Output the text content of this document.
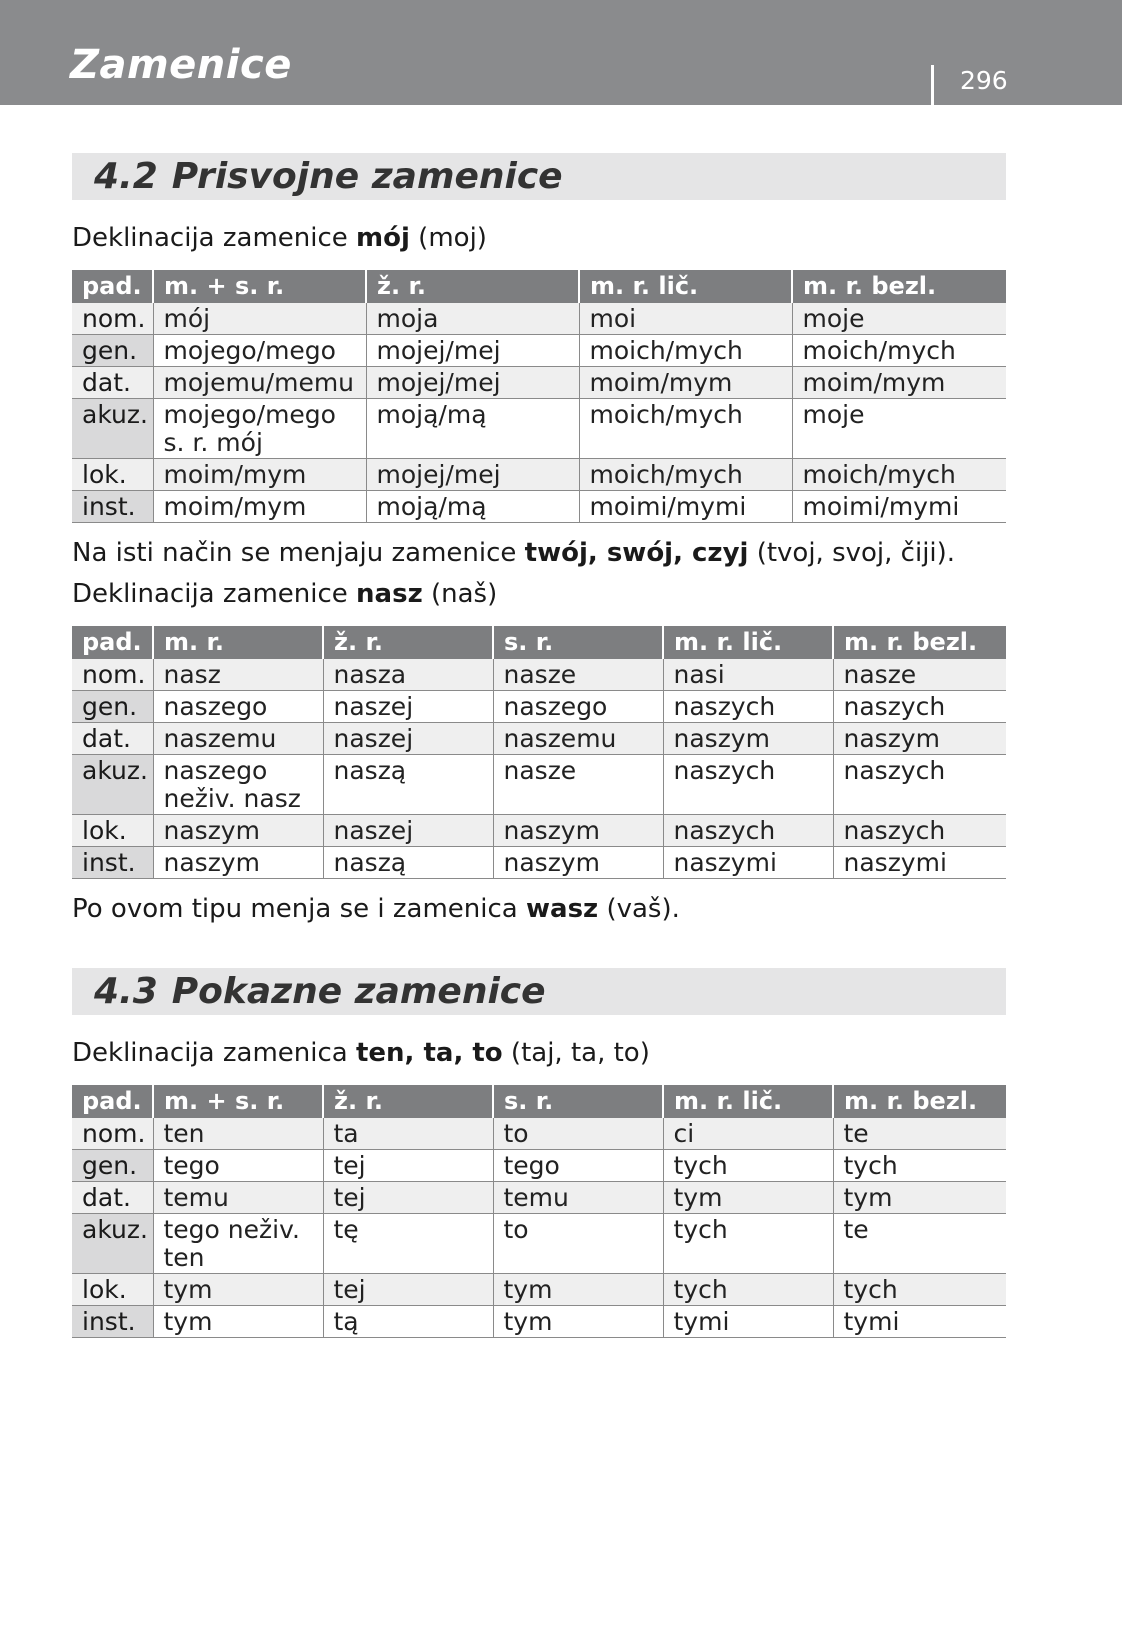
Zamenice	296
4.2 Prisvojne zamenice

Deklinacija zamenice mój (moj)

pad.	m. + s. r.	ž. r.	m. r. lič.	m. r. bezl.
nom.	mój	moja	moi	moje
gen.	mojego/mego	mojej/mej	moich/mych	moich/mych
dat.	mojemu/memu	mojej/mej	moim/mym	moim/mym
akuz.	mojego/mego s. r. mój	moją/mą	moich/mych	moje
lok.	moim/mym	mojej/mej	moich/mych	moich/mych
inst.	moim/mym	moją/mą	moimi/mymi	moimi/mymi

Na isti način se menjaju zamenice twój, swój, czyj (tvoj, svoj, čiji).

Deklinacija zamenice nasz (naš)

pad.	m. r.	ž. r.	s. r.	m. r. lič.	m. r. bezl.
nom.	nasz	nasza	nasze	nasi	nasze
gen.	naszego	naszej	naszego	naszych	naszych
dat.	naszemu	naszej	naszemu	naszym	naszym
akuz.	naszego neživ. nasz	naszą	nasze	naszych	naszych
lok.	naszym	naszej	naszym	naszych	naszych
inst.	naszym	naszą	naszym	naszymi	naszymi

Po ovom tipu menja se i zamenica wasz (vaš).

4.3 Pokazne zamenice

Deklinacija zamenica ten, ta, to (taj, ta, to)

pad.	m. + s. r.	ž. r.	s. r.	m. r. lič.	m. r. bezl.
nom.	ten	ta	to	ci	te
gen.	tego	tej	tego	tych	tych
dat.	temu	tej	temu	tym	tym
akuz.	tego neživ. ten	tę	to	tych	te
lok.	tym	tej	tym	tych	tych
inst.	tym	tą	tym	tymi	tymi
